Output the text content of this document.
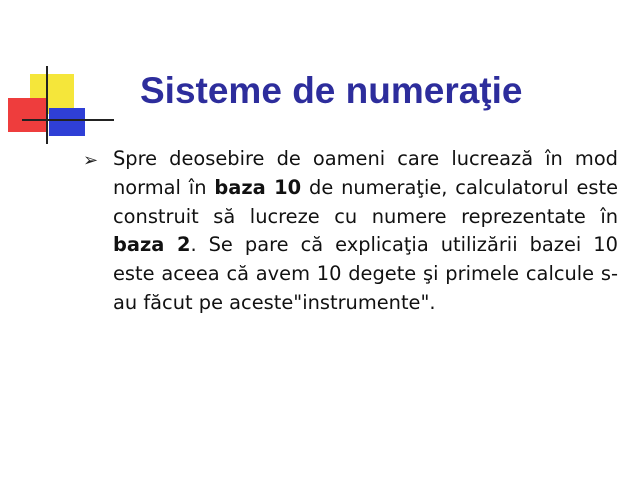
Sisteme de numeraţie
➢ Spre deosebire de oameni care lucrează în mod normal în baza 10 de numeraţie, calculatorul este construit să lucreze cu numere reprezentate în baza 2. Se pare că explicaţia utilizării bazei 10 este aceea că avem 10 degete şi primele calcule s-au făcut pe aceste"instrumente".
